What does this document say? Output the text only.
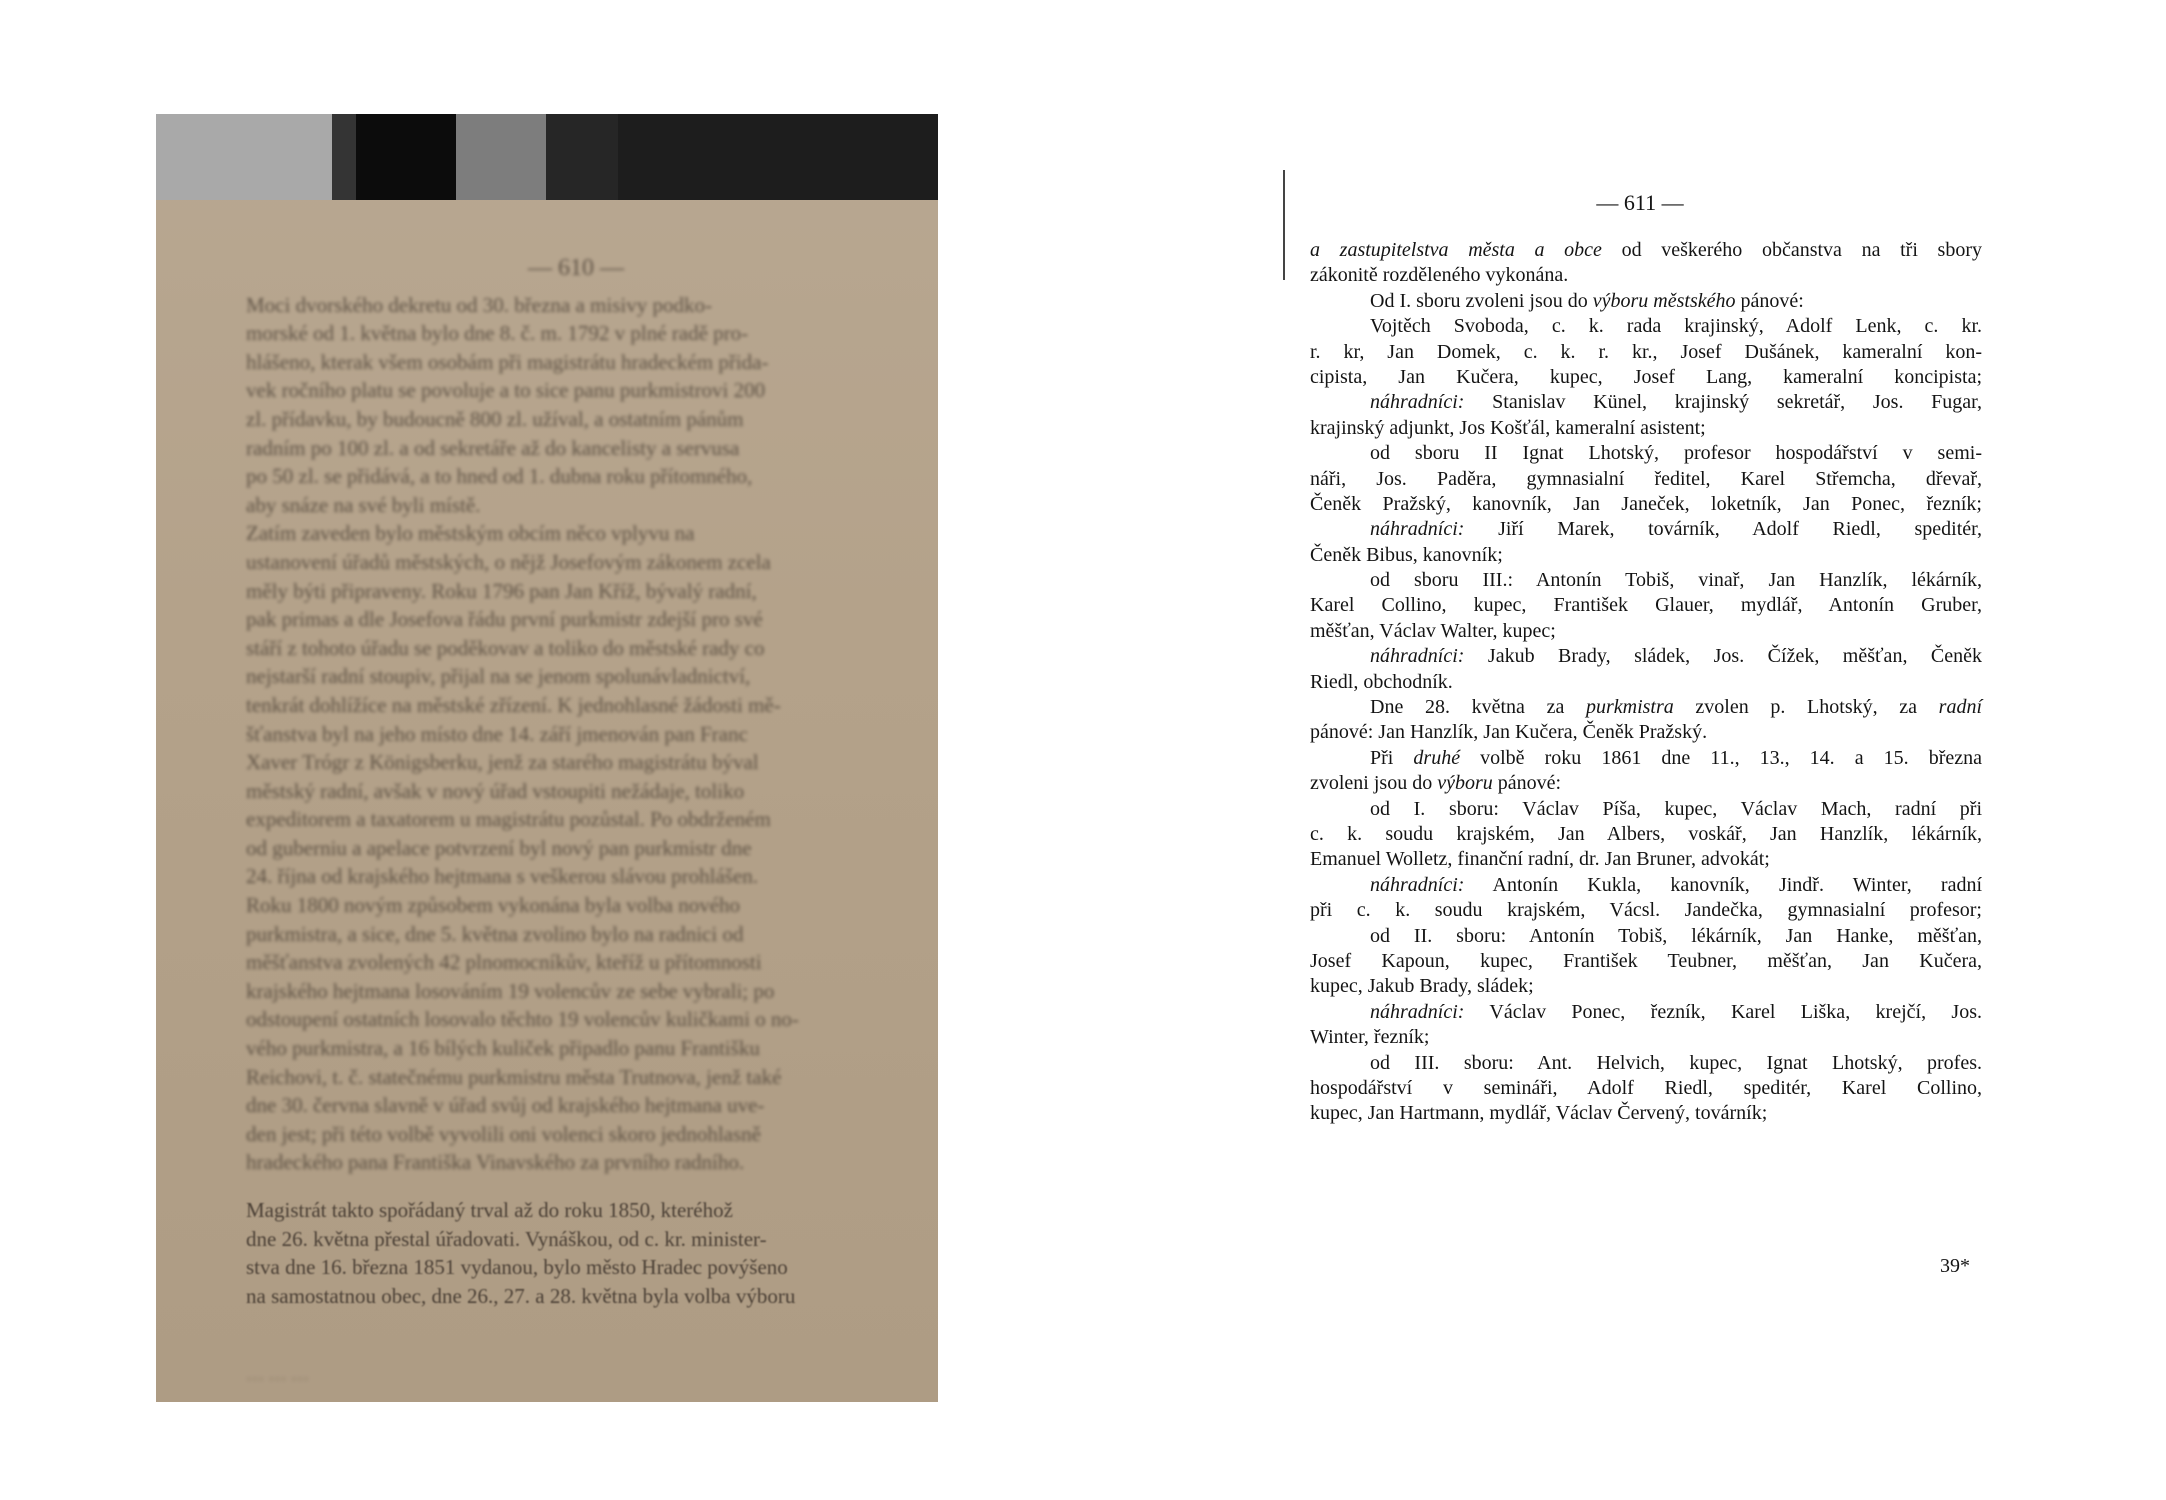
— 610 —
Moci dvorského dekretu od 30. března a misivy podko-
morské od 1. května bylo dne 8. č. m. 1792 v plné radě pro-
hlášeno, kterak všem osobám při magistrátu hradeckém přida-
vek ročního platu se povoluje a to sice panu purkmistrovi 200
zl. přídavku, by budoucně 800 zl. užíval, a ostatním pánům
radním po 100 zl. a od sekretáře až do kancelisty a servusa
po 50 zl. se přidává, a to hned od 1. dubna roku přítomného,
aby snáze na své byli místě.
Zatím zaveden bylo městským obcím něco vplyvu na
ustanovení úřadů městských, o nějž Josefovým zákonem zcela
měly býti připraveny. Roku 1796 pan Jan Kříž, bývalý radní,
pak primas a dle Josefova řádu první purkmistr zdejší pro své
stáří z tohoto úřadu se poděkovav a toliko do městské rady co
nejstarší radní stoupiv, přijal na se jenom spolunávladnictví,
tenkrát dohlížíce na městské zřízení. K jednohlasné žádosti mě-
šťanstva byl na jeho místo dne 14. září jmenován pan Franc
Xaver Trógr z Königsberku, jenž za starého magistrátu býval
městský radní, avšak v nový úřad vstoupiti nežádaje, toliko
expeditorem a taxatorem u magistrátu pozůstal. Po obdrženém
od guberniu a apelace potvrzení byl nový pan purkmistr dne
24. října od krajského hejtmana s veškerou slávou prohlášen.
Roku 1800 novým způsobem vykonána byla volba nového
purkmistra, a sice, dne 5. května zvolino bylo na radnici od
měšťanstva zvolených 42 plnomocníkův, kteříž u přítomnosti
krajského hejtmana losováním 19 volencův ze sebe vybrali; po
odstoupení ostatních losovalo těchto 19 volencův kuličkami o no-
vého purkmistra, a 16 bílých kuliček připadlo panu Františku
Reichovi, t. č. statečnému purkmistru města Trutnova, jenž také
dne 30. června slavně v úřad svůj od krajského hejtmana uve-
den jest; při této volbě vyvolili oni volenci skoro jednohlasně
hradeckého pana Františka Vinavského za prvního radního.
Magistrát takto spořádaný trval až do roku 1850, kteréhož
dne 26. května přestal úřadovati. Vynáškou, od c. kr. minister-
stva dne 16. března 1851 vydanou, bylo město Hradec povýšeno
na samostatnou obec, dne 26., 27. a 28. května byla volba výboru
… … …
— 611 —
a zastupitelstva města a obce od veškerého občanstva na tři sbory
zákonitě rozděleného vykonána.
Od I. sboru zvoleni jsou do výboru městského pánové:
Vojtěch Svoboda, c. k. rada krajinský, Adolf Lenk, c. kr.
r. kr, Jan Domek, c. k. r. kr., Josef Dušánek, kameralní kon-
cipista, Jan Kučera, kupec, Josef Lang, kameralní koncipista;
náhradníci: Stanislav Künel, krajinský sekretář, Jos. Fugar,
krajinský adjunkt, Jos Košťál, kameralní asistent;
od sboru II Ignat Lhotský, profesor hospodářství v semi-
náři, Jos. Paděra, gymnasialní ředitel, Karel Střemcha, dřevař,
Čeněk Pražský, kanovník, Jan Janeček, loketník, Jan Ponec, řezník;
náhradníci: Jiří Marek, továrník, Adolf Riedl, speditér,
Čeněk Bibus, kanovník;
od sboru III.: Antonín Tobiš, vinař, Jan Hanzlík, lékárník,
Karel Collino, kupec, František Glauer, mydlář, Antonín Gruber,
měšťan, Václav Walter, kupec;
náhradníci: Jakub Brady, sládek, Jos. Čížek, měšťan, Čeněk
Riedl, obchodník.
Dne 28. května za purkmistra zvolen p. Lhotský, za radní
pánové: Jan Hanzlík, Jan Kučera, Čeněk Pražský.
Při druhé volbě roku 1861 dne 11., 13., 14. a 15. března
zvoleni jsou do výboru pánové:
od I. sboru: Václav Píša, kupec, Václav Mach, radní při
c. k. soudu krajském, Jan Albers, voskář, Jan Hanzlík, lékárník,
Emanuel Wolletz, finanční radní, dr. Jan Bruner, advokát;
náhradníci: Antonín Kukla, kanovník, Jindř. Winter, radní
při c. k. soudu krajském, Vácsl. Jandečka, gymnasialní profesor;
od II. sboru: Antonín Tobiš, lékárník, Jan Hanke, měšťan,
Josef Kapoun, kupec, František Teubner, měšťan, Jan Kučera,
kupec, Jakub Brady, sládek;
náhradníci: Václav Ponec, řezník, Karel Liška, krejčí, Jos.
Winter, řezník;
od III. sboru: Ant. Helvich, kupec, Ignat Lhotský, profes.
hospodářství v semináři, Adolf Riedl, speditér, Karel Collino,
kupec, Jan Hartmann, mydlář, Václav Červený, továrník;
39*
